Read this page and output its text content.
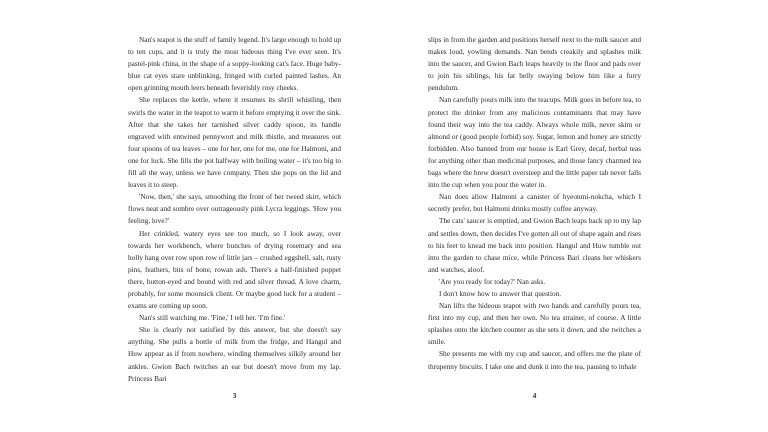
Nan's teapot is the stuff of family legend. It's large enough to hold up to ten cups, and it is truly the most hideous thing I've ever seen. It's pastel-pink china, in the shape of a soppy-looking cat's face. Huge baby-blue cat eyes stare unblinking, fringed with curled painted lashes. An open grinning mouth leers beneath feverishly rosy cheeks.

She replaces the kettle, where it resumes its shrill whistling, then swirls the water in the teapot to warm it before emptying it over the sink. After that she takes her tarnished silver caddy spoon, its handle engraved with entwined pennywort and milk thistle, and measures out four spoons of tea leaves – one for her, one for me, one for Halmoni, and one for luck. She fills the pot halfway with boiling water – it's too big to fill all the way, unless we have company. Then she pops on the lid and leaves it to steep.

'Now, then,' she says, smoothing the front of her tweed skirt, which flows neat and sombre over outrageously pink Lycra leggings. 'How you feeling, love?'

Her crinkled, watery eyes see too much, so I look away, over towards her workbench, where bunches of drying rosemary and sea holly hang over row upon row of little jars – crushed eggshell, salt, rusty pins, feathers, bits of bone, rowan ash. There's a half-finished poppet there, button-eyed and bound with red and silver thread. A love charm, probably, for some moonsick client. Or maybe good luck for a student – exams are coming up soon.

Nan's still watching me. 'Fine,' I tell her. 'I'm fine.'

She is clearly not satisfied by this answer, but she doesn't say anything. She pulls a bottle of milk from the fridge, and Hangul and Huw appear as if from nowhere, winding themselves silkily around her ankles. Gwion Bach twitches an ear but doesn't move from my lap. Princess Bari

3

slips in from the garden and positions herself next to the milk saucer and makes loud, yowling demands. Nan bends creakily and splashes milk into the saucer, and Gwion Bach leaps heavily to the floor and pads over to join his siblings, his fat belly swaying below him like a furry pendulum.

Nan carefully pours milk into the teacups. Milk goes in before tea, to protect the drinker from any malicious contaminants that may have found their way into the tea caddy. Always whole milk, never skim or almond or (good people forbid) soy. Sugar, lemon and honey are strictly forbidden. Also banned from our house is Earl Grey, decaf, herbal teas for anything other than medicinal purposes, and those fancy charmed tea bags where the brew doesn't oversteep and the little paper tab never falls into the cup when you pour the water in.

Nan does allow Halmoni a canister of hyeonmi-nokcha, which I secretly prefer, but Halmoni drinks mostly coffee anyway.

The cats' saucer is emptied, and Gwion Bach leaps back up to my lap and settles down, then decides I've gotten all out of shape again and rises to his feet to knead me back into position. Hangul and Huw tumble out into the garden to chase mice, while Princess Bari cleans her whiskers and watches, aloof.

'Are you ready for today?' Nan asks.

I don't know how to answer that question.

Nan lifts the hideous teapot with two hands and carefully pours tea, first into my cup, and then her own. No tea strainer, of course. A little splashes onto the kitchen counter as she sets it down, and she twitches a smile.

She presents me with my cup and saucer, and offers me the plate of thrupenny biscuits. I take one and dunk it into the tea, pausing to inhale

4
